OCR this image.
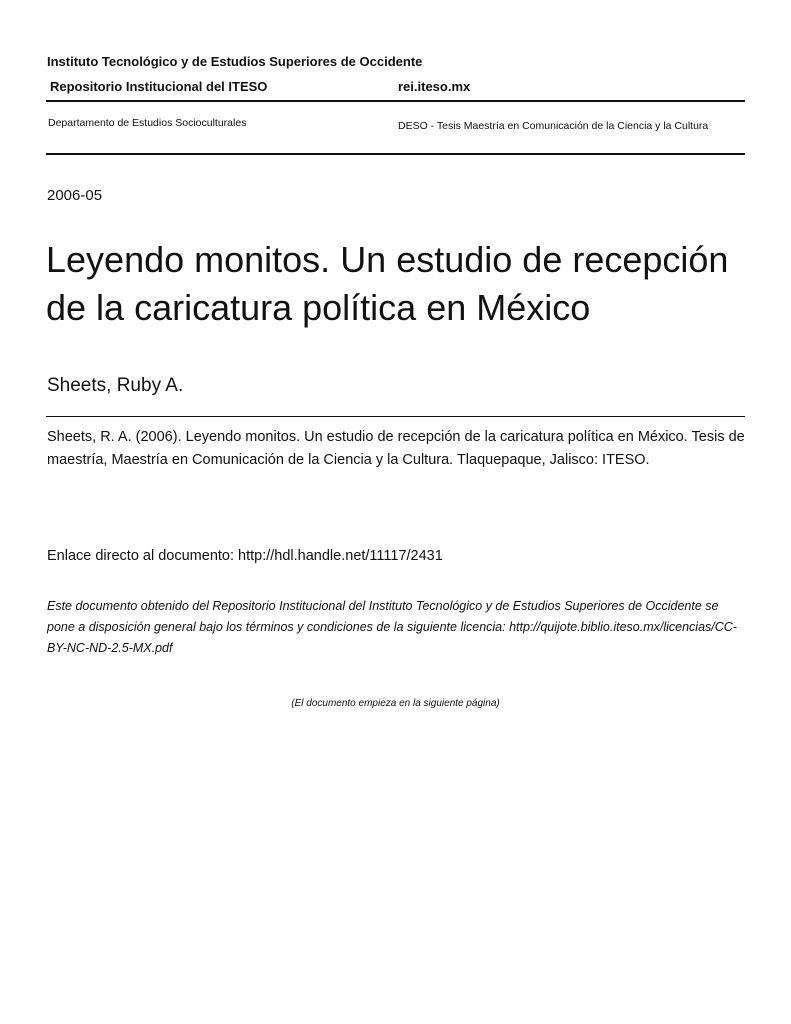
Instituto Tecnológico y de Estudios Superiores de Occidente
Repositorio Institucional del ITESO	rei.iteso.mx
Departamento de Estudios Socioculturales	DESO - Tesis Maestría en Comunicación de la Ciencia y la Cultura
2006-05
Leyendo monitos. Un estudio de recepción de la caricatura política en México
Sheets, Ruby A.
Sheets, R. A. (2006). Leyendo monitos. Un estudio de recepción de la caricatura política en México. Tesis de maestría, Maestría en Comunicación de la Ciencia y la Cultura. Tlaquepaque, Jalisco: ITESO.
Enlace directo al documento: http://hdl.handle.net/11117/2431
Este documento obtenido del Repositorio Institucional del Instituto Tecnológico y de Estudios Superiores de Occidente se pone a disposición general bajo los términos y condiciones de la siguiente licencia: http://quijote.biblio.iteso.mx/licencias/CC-BY-NC-ND-2.5-MX.pdf
(El documento empieza en la siguiente página)
